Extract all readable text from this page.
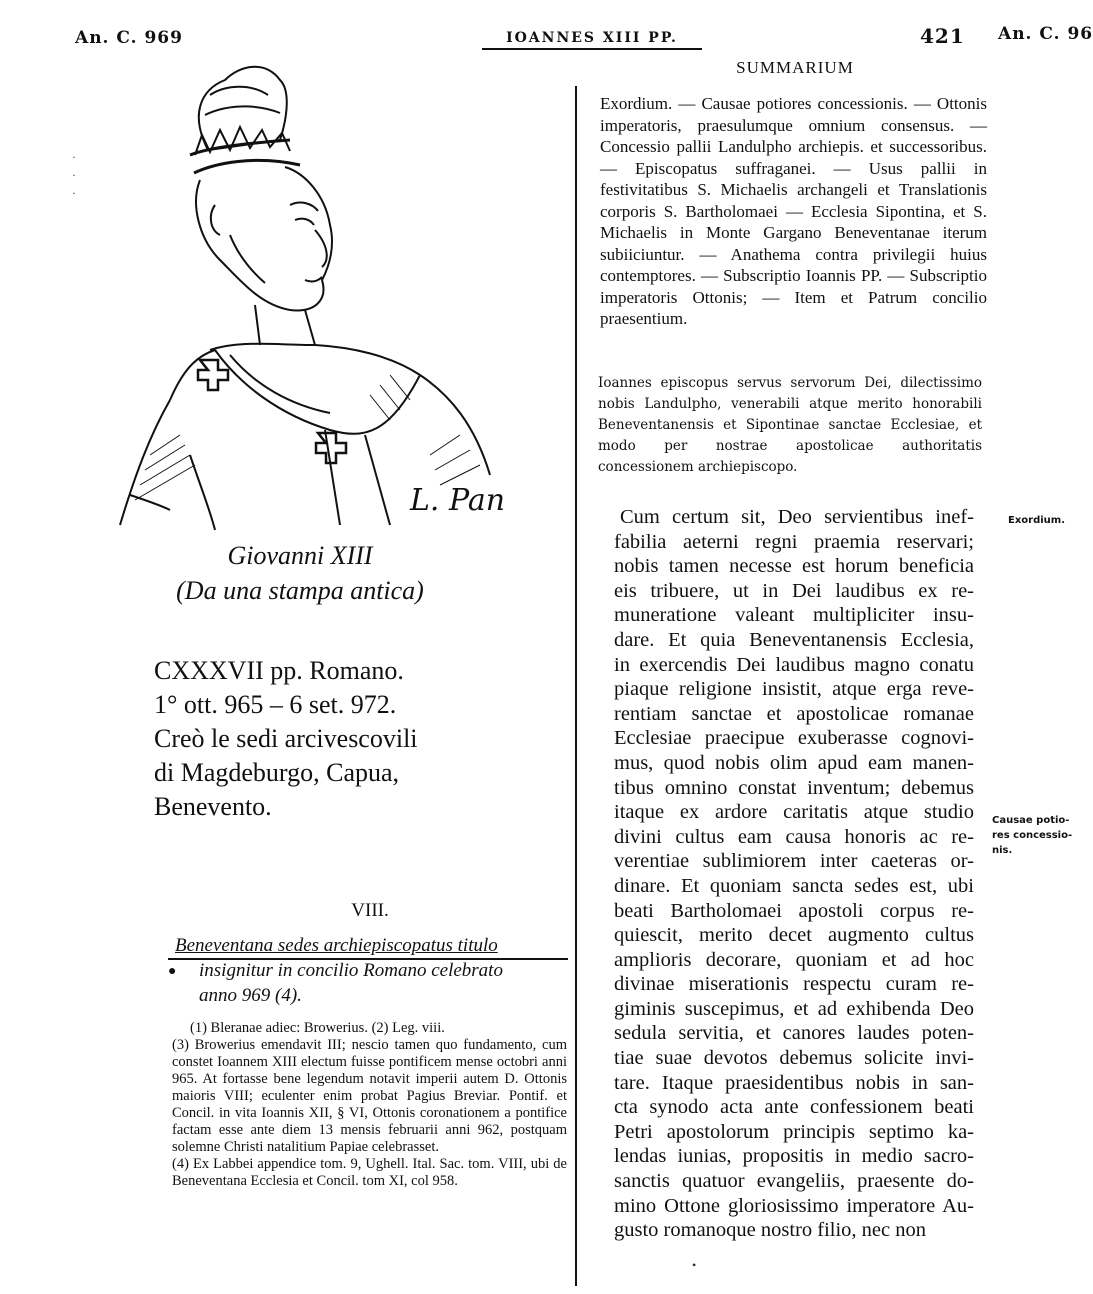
An. C. 969	IOANNES XIII PP.	421 An. C. 96
L. Pan
Giovanni XIII
(Da una stampa antica)
CXXXVII pp. Romano.
1° ott. 965 – 6 set. 972.
Creò le sedi arcivescovili
di Magdeburgo, Capua,
Benevento.
VIII.
Beneventana sedes archiepiscopatus titulo
insignitur in concilio Romano celebrato
anno 969 (4).
●

(1) Bleranae adiec: Browerius. (2) Leg. viii.

(3) Browerius emendavit III; nescio tamen quo fundamento, cum constet Ioannem XIII electum fuisse pontificem mense octobri anni 965. At fortasse bene legendum notavit imperii autem D. Ottonis maioris VIII; eculenter enim probat Pagius Breviar. Pontif. et Concil. in vita Ioannis XII, § VI, Ottonis coronationem a pontifice factam esse ante diem 13 mensis februarii anni 962, postquam solemne Christi natalitium Papiae celebrasset.

(4) Ex Labbei appendice tom. 9, Ughell. Ital. Sac. tom. VIII, ubi de Beneventana Ecclesia et Concil. tom XI, col 958.

SUMMARIUM

Exordium. — Causae potiores concessionis. — Ottonis imperatoris, praesulumque omnium consensus. — Concessio pallii Landulpho archiepis. et successoribus. — Episcopatus suffraganei. — Usus pallii in festivitatibus S. Michaelis archangeli et Translationis corporis S. Bartholomaei — Ecclesia Sipontina, et S. Michaelis in Monte Gargano Beneventanae iterum subiiciuntur. — Anathema contra privilegii huius contemptores. — Subscriptio Ioannis PP. — Subscriptio imperatoris Ottonis; — Item et Patrum concilio praesentium.

Ioannes episcopus servus servorum Dei, dilectissimo nobis Landulpho, venerabili atque merito honorabili Beneventanensis et Sipontinae sanctae Ecclesiae, et modo per nostrae apostolicae authoritatis concessionem archiepiscopo.
Cum certum sit, Deo servientibus inef-
fabilia aeterni regni praemia reservari;
nobis tamen necesse est horum beneficia
eis tribuere, ut in Dei laudibus ex re-
muneratione valeant multipliciter insu-
dare. Et quia Beneventanensis Ecclesia,
in exercendis Dei laudibus magno conatu
piaque religione insistit, atque erga reve-
rentiam sanctae et apostolicae romanae
Ecclesiae praecipue exuberasse cognovi-
mus, quod nobis olim apud eam manen-
tibus omnino constat inventum; debemus
itaque ex ardore caritatis atque studio
divini cultus eam causa honoris ac re-
verentiae sublimiorem inter caeteras or-
dinare. Et quoniam sancta sedes est, ubi
beati Bartholomaei apostoli corpus re-
quiescit, merito decet augmento cultus
amplioris decorare, quoniam et ad hoc
divinae miserationis respectu curam re-
giminis suscepimus, et ad exhibenda Deo
sedula servitia, et canores laudes poten-
tiae suae devotos debemus solicite invi-
tare. Itaque praesidentibus nobis in san-
cta synodo acta ante confessionem beati
Petri apostolorum principis septimo ka-
lendas iunias, propositis in medio sacro-
sanctis quatuor evangeliis, praesente do-
mino Ottone gloriosissimo imperatore Au-
gusto romanoque nostro filio, nec non
Exordium.
Causae potio-
res concessio-
nis.
·
·
·
•
